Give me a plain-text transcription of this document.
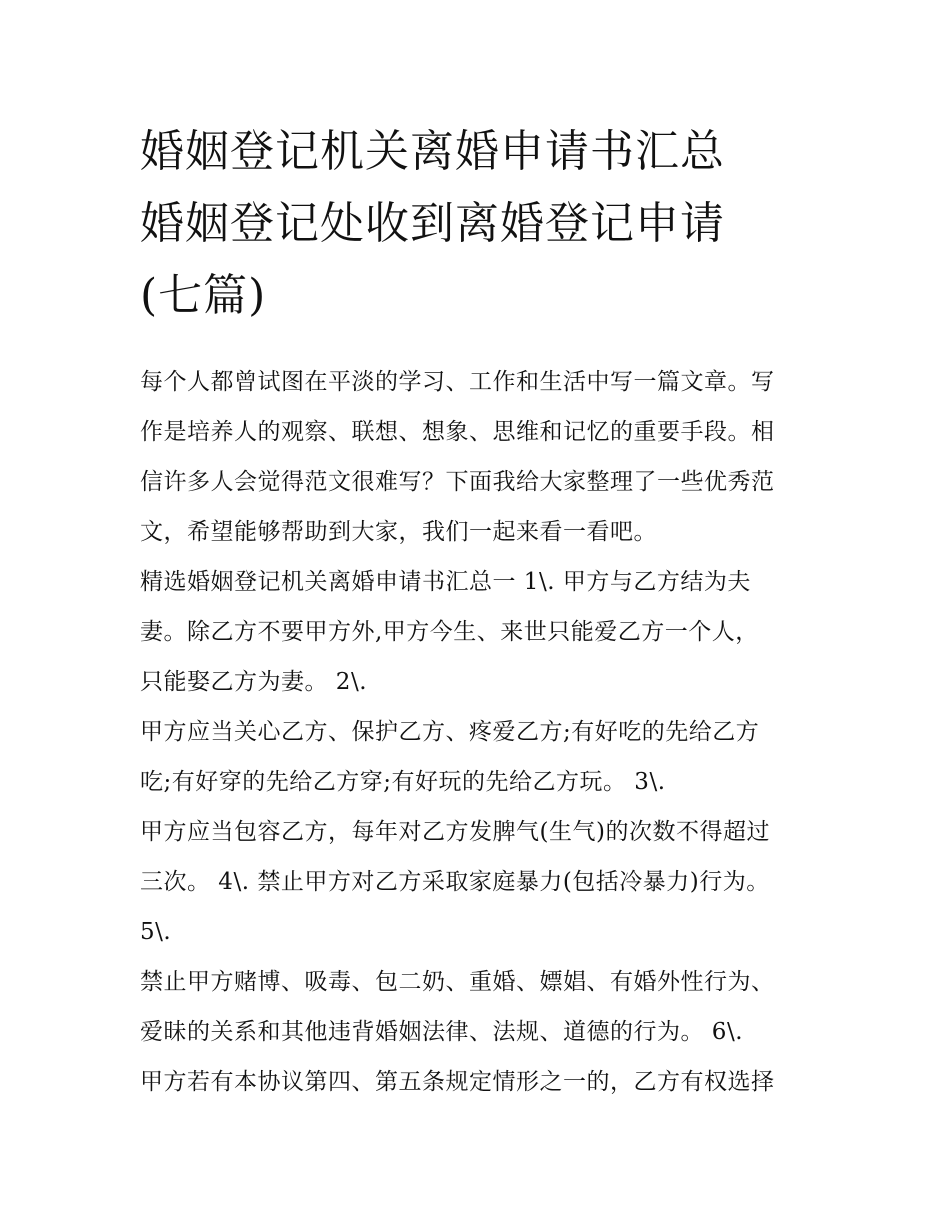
婚姻登记机关离婚申请书汇总
婚姻登记处收到离婚登记申请
(七篇)

每个人都曾试图在平淡的学习、工作和生活中写一篇文章。写
作是培养人的观察、联想、想象、思维和记忆的重要手段。相
信许多人会觉得范文很难写？下面我给大家整理了一些优秀范
文，希望能够帮助到大家，我们一起来看一看吧。

精选婚姻登记机关离婚申请书汇总一 1\. 甲方与乙方结为夫
妻。除乙方不要甲方外,甲方今生、来世只能爱乙方一个人，
只能娶乙方为妻。 2\.

甲方应当关心乙方、保护乙方、疼爱乙方;有好吃的先给乙方
吃;有好穿的先给乙方穿;有好玩的先给乙方玩。 3\.

甲方应当包容乙方，每年对乙方发脾气(生气)的次数不得超过
三次。 4\. 禁止甲方对乙方采取家庭暴力(包括冷暴力)行为。
5\.

禁止甲方赌博、吸毒、包二奶、重婚、嫖娼、有婚外性行为、
爱昧的关系和其他违背婚姻法律、法规、道德的行为。 6\.

甲方若有本协议第四、第五条规定情形之一的，乙方有权选择
